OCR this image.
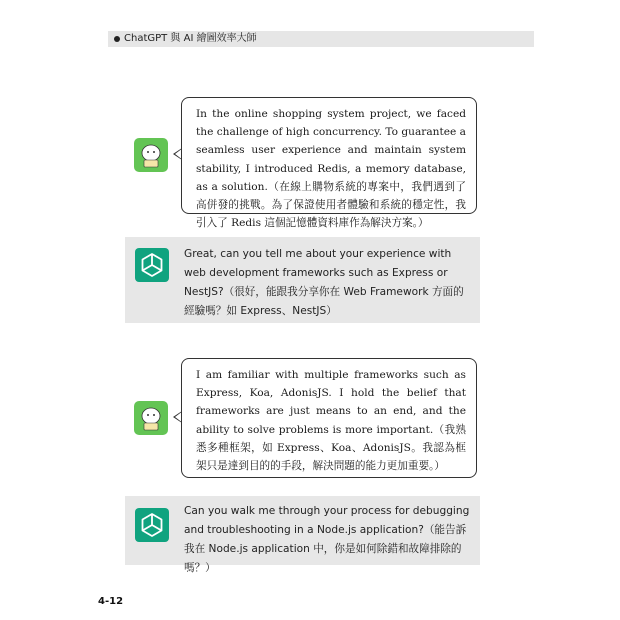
ChatGPT 與 AI 繪圖效率大師
In the online shopping system project, we faced the challenge of high concurrency. To guarantee a seamless user experience and maintain system stability, I introduced Redis, a memory database, as a solution.（在線上購物系統的專案中，我們遇到了高併發的挑戰。為了保證使用者體驗和系統的穩定性，我引入了 Redis 這個記憶體資料庫作為解決方案。）
Great, can you tell me about your experience with web development frameworks such as Express or NestJS?（很好，能跟我分享你在 Web Framework 方面的經驗嗎？如 Express、NestJS）
I am familiar with multiple frameworks such as Express, Koa, AdonisJS. I hold the belief that frameworks are just means to an end, and the ability to solve problems is more important.（我熟悉多種框架，如 Express、Koa、AdonisJS。我認為框架只是達到目的的手段，解決問題的能力更加重要。）
Can you walk me through your process for debugging and troubleshooting in a Node.js application?（能告訴我在 Node.js application 中，你是如何除錯和故障排除的嗎？）
4-12
